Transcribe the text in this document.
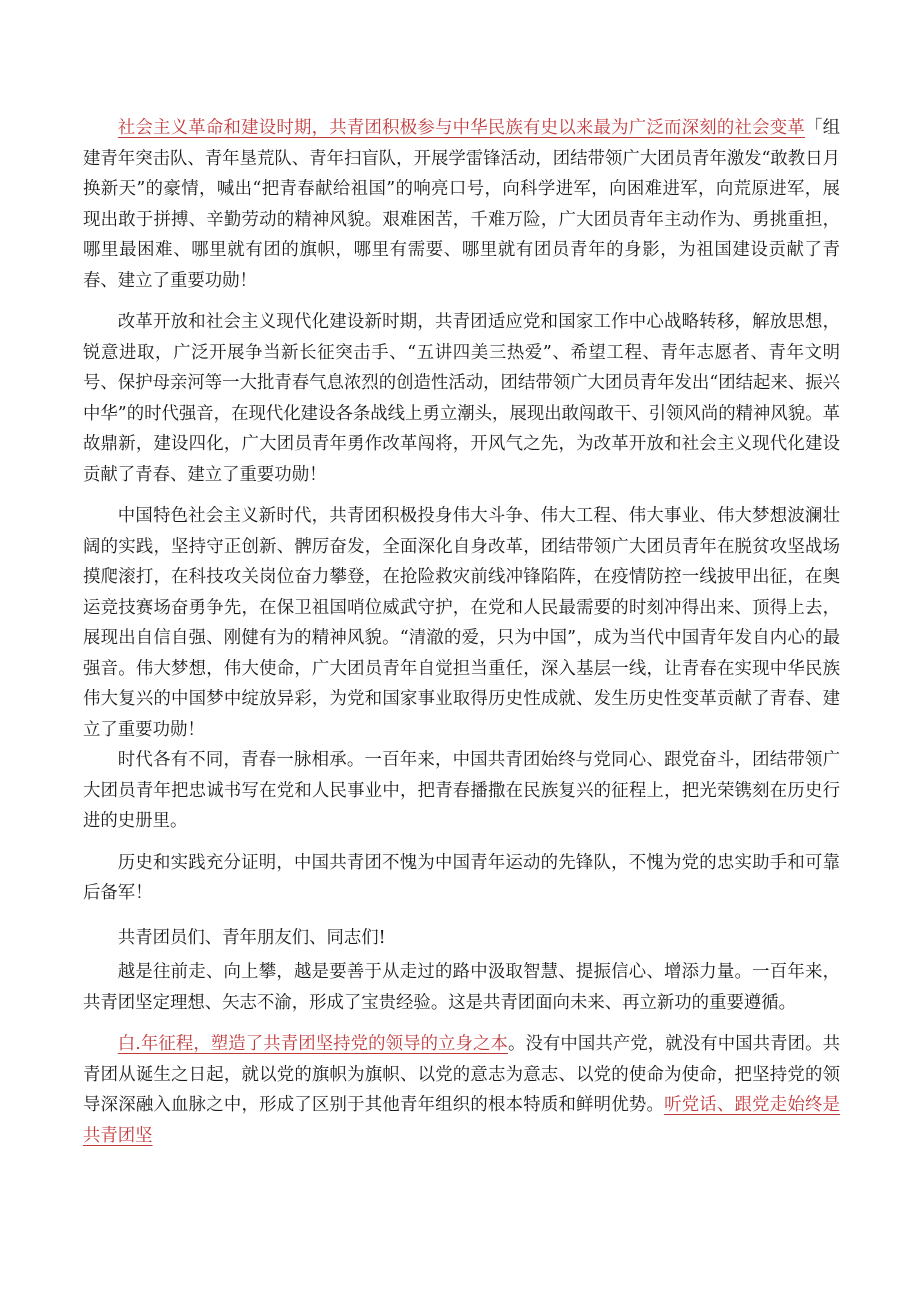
社会主义革命和建设时期，共青团积极参与中华民族有史以来最为广泛而深刻的社会变革「组建青年突击队、青年垦荒队、青年扫盲队，开展学雷锋活动，团结带领广大团员青年激发“敢教日月换新天”的豪情，喊出“把青春献给祖国”的响亮口号，向科学进军，向困难进军，向荒原进军，展现出敢于拼搏、辛勤劳动的精神风貌。艰难困苦，千难万险，广大团员青年主动作为、勇挑重担，哪里最困难、哪里就有团的旗帜，哪里有需要、哪里就有团员青年的身影，为祖国建设贡献了青春、建立了重要功勋！

改革开放和社会主义现代化建设新时期，共青团适应党和国家工作中心战略转移，解放思想，锐意进取，广泛开展争当新长征突击手、“五讲四美三热爱”、希望工程、青年志愿者、青年文明号、保护母亲河等一大批青春气息浓烈的创造性活动，团结带领广大团员青年发出“团结起来、振兴中华”的时代强音，在现代化建设各条战线上勇立潮头，展现出敢闯敢干、引领风尚的精神风貌。革故鼎新，建设四化，广大团员青年勇作改革闯将，开风气之先，为改革开放和社会主义现代化建设贡献了青春、建立了重要功勋！

中国特色社会主义新时代，共青团积极投身伟大斗争、伟大工程、伟大事业、伟大梦想波澜壮阔的实践，坚持守正创新、髀厉奋发，全面深化自身改革，团结带领广大团员青年在脱贫攻坚战场摸爬滚打，在科技攻关岗位奋力攀登，在抢险救灾前线冲锋陷阵，在疫情防控一线披甲出征，在奥运竞技赛场奋勇争先，在保卫祖国哨位威武守护，在党和人民最需要的时刻冲得出来、顶得上去，展现出自信自强、刚健有为的精神风貌。“清澈的爱，只为中国”，成为当代中国青年发自内心的最强音。伟大梦想，伟大使命，广大团员青年自觉担当重任，深入基层一线，让青春在实现中华民族伟大复兴的中国梦中绽放异彩，为党和国家事业取得历史性成就、发生历史性变革贡献了青春、建立了重要功勋！

时代各有不同，青春一脉相承。一百年来，中国共青团始终与党同心、跟党奋斗，团结带领广大团员青年把忠诚书写在党和人民事业中，把青春播撒在民族复兴的征程上，把光荣镌刻在历史行进的史册里。

历史和实践充分证明，中国共青团不愧为中国青年运动的先锋队，不愧为党的忠实助手和可靠后备军！

共青团员们、青年朋友们、同志们!

越是往前走、向上攀，越是要善于从走过的路中汲取智慧、提振信心、增添力量。一百年来，共青团坚定理想、矢志不渝，形成了宝贵经验。这是共青团面向未来、再立新功的重要遵循。

白.年征程，塑造了共青团坚持党的领导的立身之本。没有中国共产党，就没有中国共青团。共青团从诞生之日起，就以党的旗帜为旗帜、以党的意志为意志、以党的使命为使命，把坚持党的领导深深融入血脉之中，形成了区别于其他青年组织的根本特质和鲜明优势。听党话、跟党走始终是共青团坚
